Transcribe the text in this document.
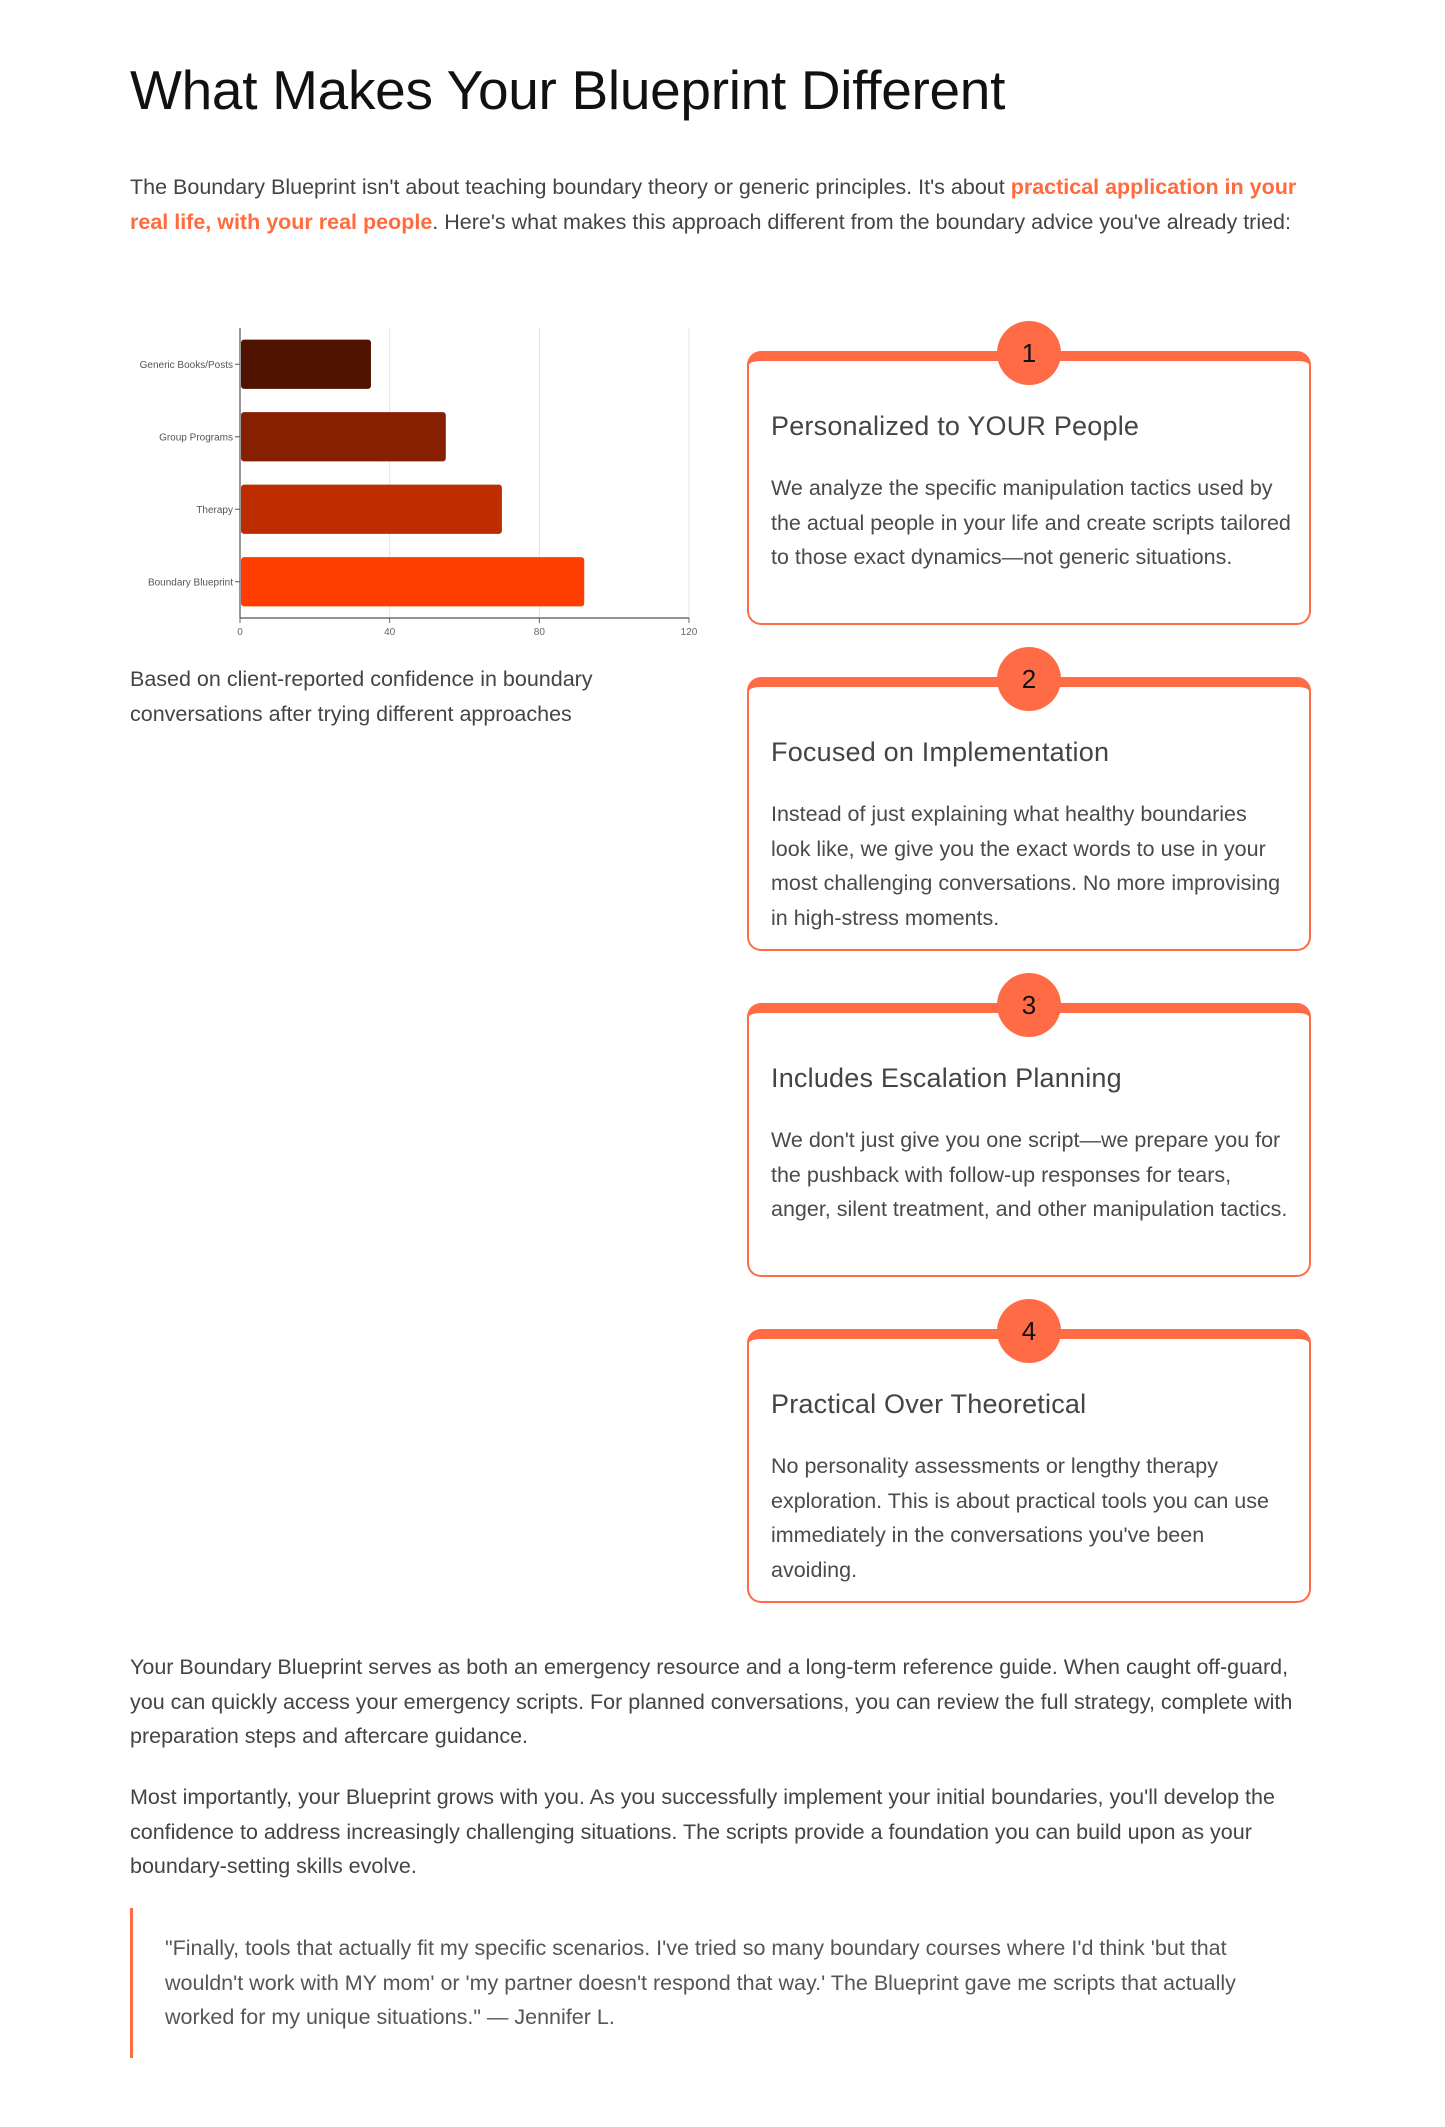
What Makes Your Blueprint Different

The Boundary Blueprint isn't about teaching boundary theory or generic principles. It's about practical application in your real life, with your real people. Here's what makes this approach different from the boundary advice you've already tried:

0	40	80	120
Generic Books/Posts
Group Programs
Therapy
Boundary Blueprint

Based on client-reported confidence in boundary conversations after trying different approaches

1
Personalized to YOUR People
We analyze the specific manipulation tactics used by the actual people in your life and create scripts tailored to those exact dynamics—not generic situations.
2
Focused on Implementation
Instead of just explaining what healthy boundaries look like, we give you the exact words to use in your most challenging conversations. No more improvising in high-stress moments.
3
Includes Escalation Planning
We don't just give you one script—we prepare you for the pushback with follow-up responses for tears, anger, silent treatment, and other manipulation tactics.
4
Practical Over Theoretical
No personality assessments or lengthy therapy exploration. This is about practical tools you can use immediately in the conversations you've been avoiding.

Your Boundary Blueprint serves as both an emergency resource and a long-term reference guide. When caught off-guard, you can quickly access your emergency scripts. For planned conversations, you can review the full strategy, complete with preparation steps and aftercare guidance.

Most importantly, your Blueprint grows with you. As you successfully implement your initial boundaries, you'll develop the confidence to address increasingly challenging situations. The scripts provide a foundation you can build upon as your boundary-setting skills evolve.

"Finally, tools that actually fit my specific scenarios. I've tried so many boundary courses where I'd think 'but that wouldn't work with MY mom' or 'my partner doesn't respond that way.' The Blueprint gave me scripts that actually worked for my unique situations." — Jennifer L.
